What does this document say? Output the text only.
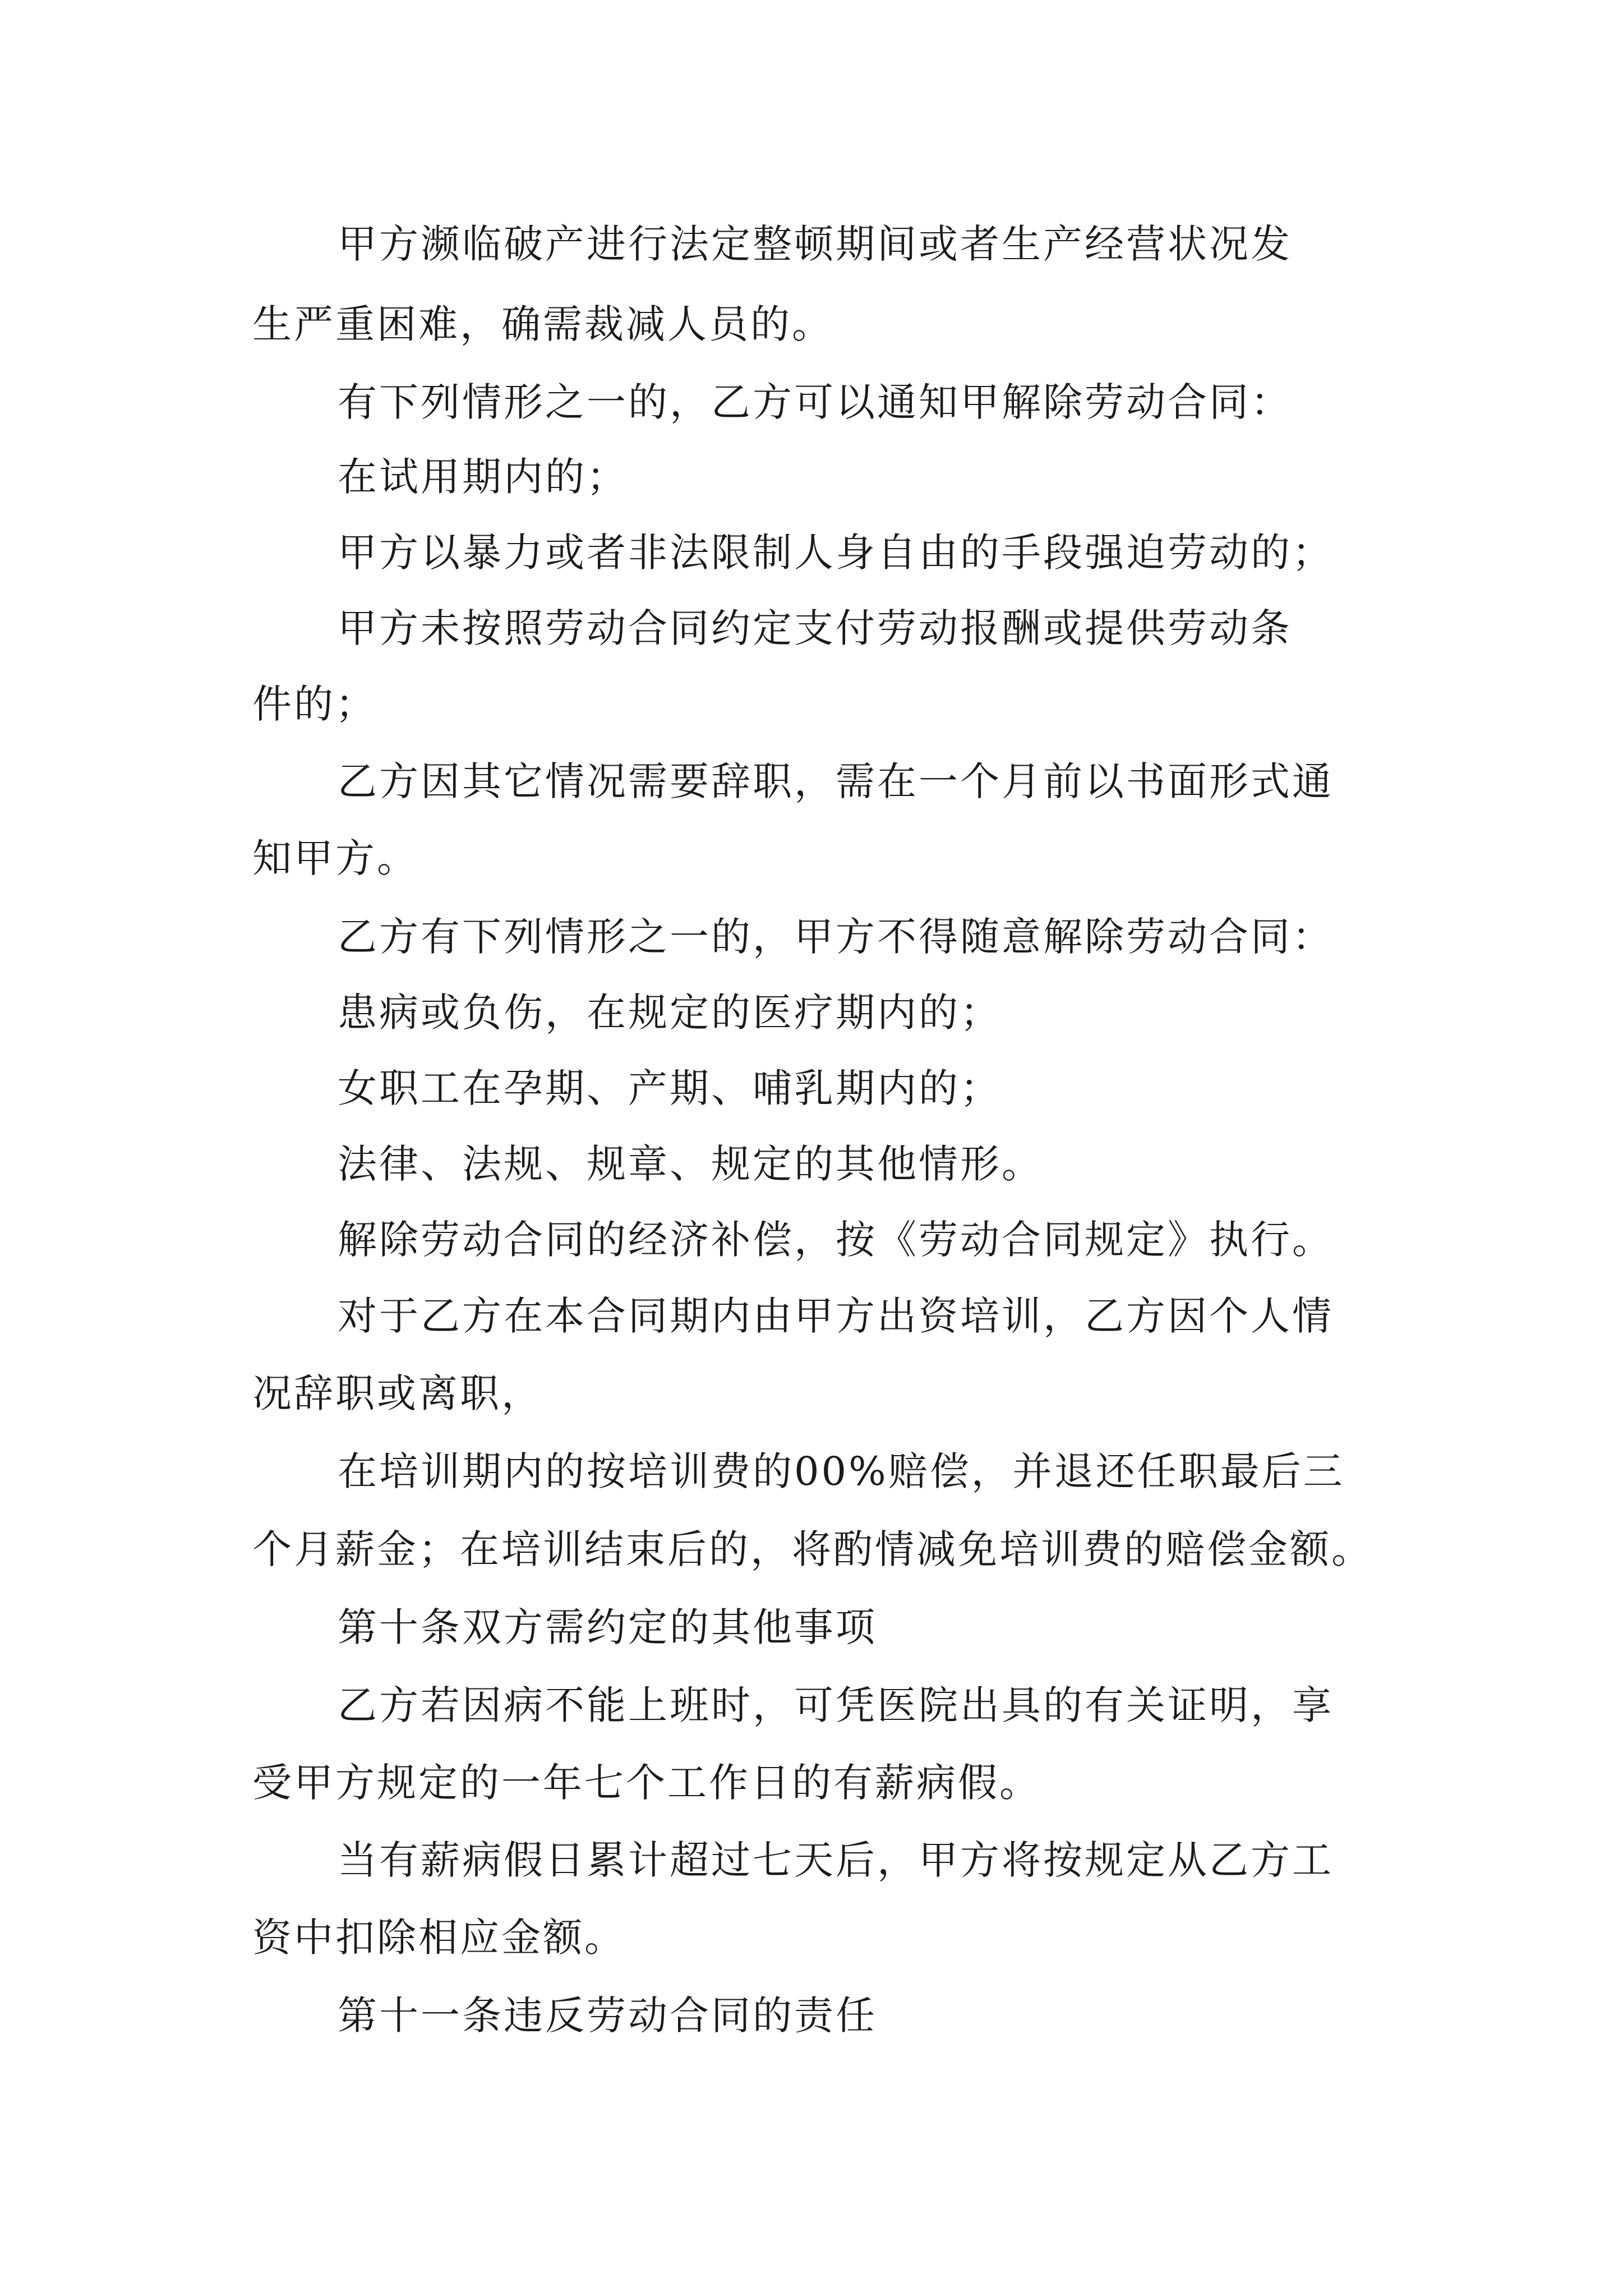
甲方濒临破产进行法定整顿期间或者生产经营状况发
生严重困难，确需裁减人员的。
有下列情形之一的，乙方可以通知甲解除劳动合同：
在试用期内的；
甲方以暴力或者非法限制人身自由的手段强迫劳动的；
甲方未按照劳动合同约定支付劳动报酬或提供劳动条
件的；
乙方因其它情况需要辞职，需在一个月前以书面形式通
知甲方。
乙方有下列情形之一的，甲方不得随意解除劳动合同：
患病或负伤，在规定的医疗期内的；
女职工在孕期、产期、哺乳期内的；
法律、法规、规章、规定的其他情形。
解除劳动合同的经济补偿，按《劳动合同规定》执行。
对于乙方在本合同期内由甲方出资培训，乙方因个人情
况辞职或离职，
在培训期内的按培训费的00%赔偿，并退还任职最后三
个月薪金；在培训结束后的，将酌情减免培训费的赔偿金额。
第十条双方需约定的其他事项
乙方若因病不能上班时，可凭医院出具的有关证明，享
受甲方规定的一年七个工作日的有薪病假。
当有薪病假日累计超过七天后，甲方将按规定从乙方工
资中扣除相应金额。
第十一条违反劳动合同的责任
